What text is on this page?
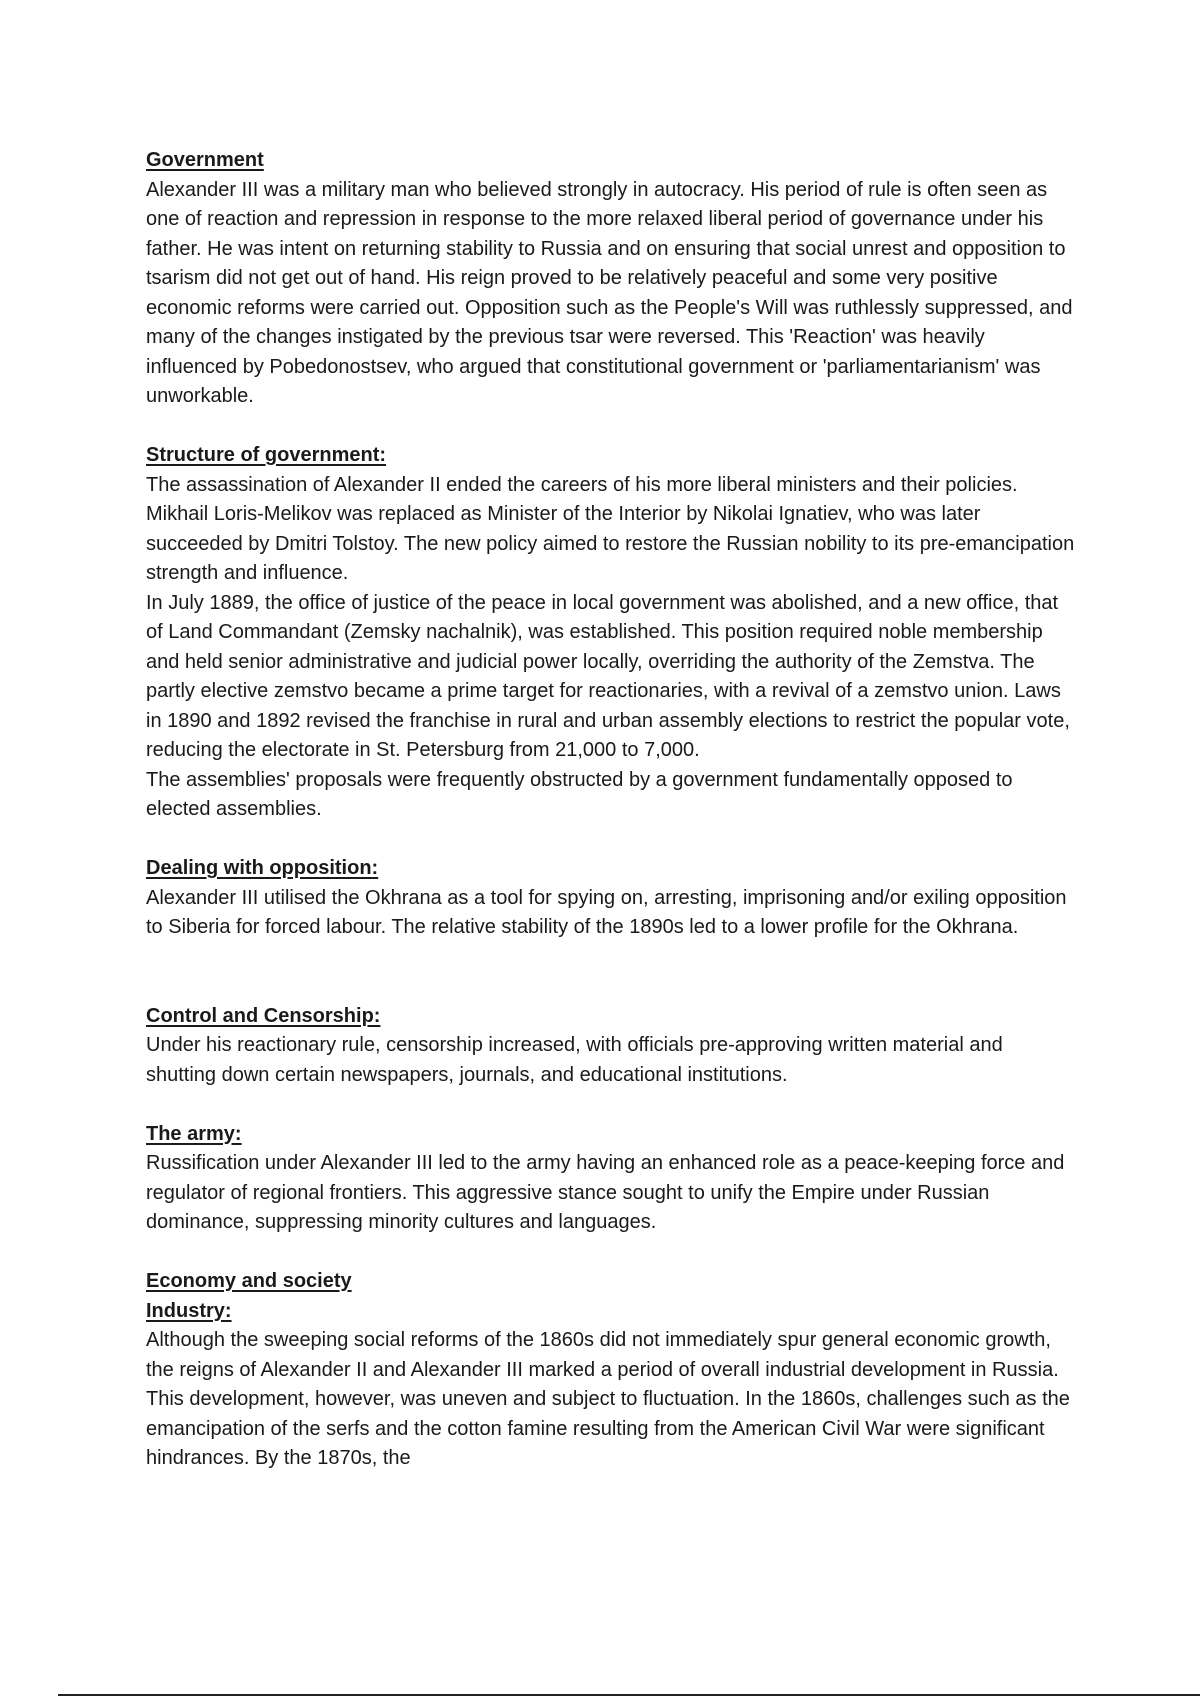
Government

Alexander III was a military man who believed strongly in autocracy. His period of rule is often seen as one of reaction and repression in response to the more relaxed liberal period of governance under his father. He was intent on returning stability to Russia and on ensuring that social unrest and opposition to tsarism did not get out of hand. His reign proved to be relatively peaceful and some very positive economic reforms were carried out. Opposition such as the People's Will was ruthlessly suppressed, and many of the changes instigated by the previous tsar were reversed. This 'Reaction' was heavily influenced by Pobedonostsev, who argued that constitutional government or 'parliamentarianism' was unworkable.

Structure of government:

The assassination of Alexander II ended the careers of his more liberal ministers and their policies. Mikhail Loris-Melikov was replaced as Minister of the Interior by Nikolai Ignatiev, who was later succeeded by Dmitri Tolstoy. The new policy aimed to restore the Russian nobility to its pre-emancipation strength and influence.

In July 1889, the office of justice of the peace in local government was abolished, and a new office, that of Land Commandant (Zemsky nachalnik), was established. This position required noble membership and held senior administrative and judicial power locally, overriding the authority of the Zemstva. The partly elective zemstvo became a prime target for reactionaries, with a revival of a zemstvo union. Laws in 1890 and 1892 revised the franchise in rural and urban assembly elections to restrict the popular vote, reducing the electorate in St. Petersburg from 21,000 to 7,000.

The assemblies' proposals were frequently obstructed by a government fundamentally opposed to elected assemblies.

Dealing with opposition:

Alexander III utilised the Okhrana as a tool for spying on, arresting, imprisoning and/or exiling opposition to Siberia for forced labour. The relative stability of the 1890s led to a lower profile for the Okhrana.

Control and Censorship:

Under his reactionary rule, censorship increased, with officials pre-approving written material and shutting down certain newspapers, journals, and educational institutions.

The army:

Russification under Alexander III led to the army having an enhanced role as a peace-keeping force and regulator of regional frontiers. This aggressive stance sought to unify the Empire under Russian dominance, suppressing minority cultures and languages.

Economy and society

Industry:

Although the sweeping social reforms of the 1860s did not immediately spur general economic growth, the reigns of Alexander II and Alexander III marked a period of overall industrial development in Russia. This development, however, was uneven and subject to fluctuation. In the 1860s, challenges such as the emancipation of the serfs and the cotton famine resulting from the American Civil War were significant hindrances. By the 1870s, the
